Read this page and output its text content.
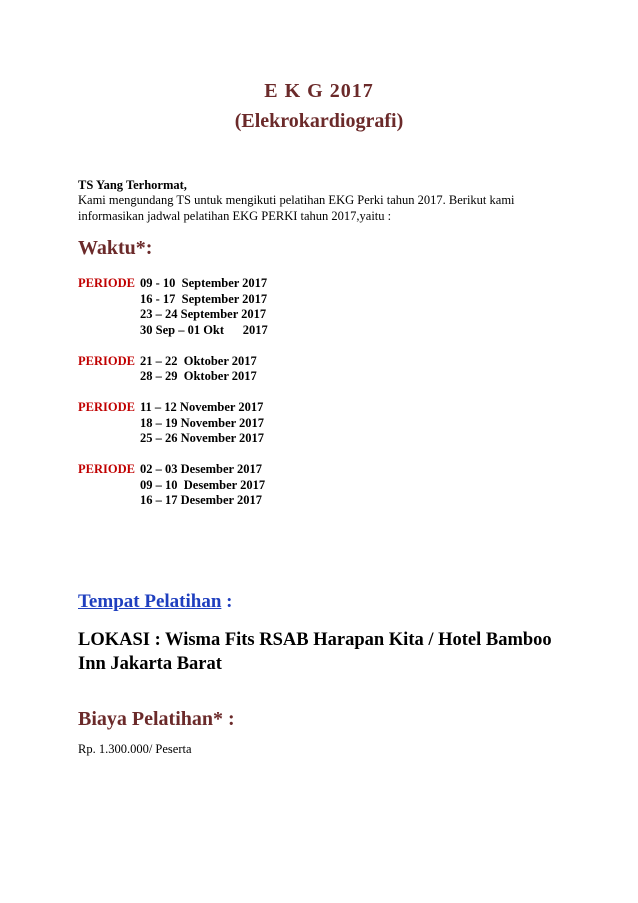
E K G 2017
(Elekrokardiografi)
TS Yang Terhormat,
Kami mengundang TS untuk mengikuti pelatihan EKG Perki tahun 2017. Berikut kami informasikan jadwal pelatihan EKG PERKI tahun 2017,yaitu :
Waktu*:
PERIODE 09 - 10  September 2017
16 - 17  September 2017
23 – 24 September 2017
30 Sep – 01 Okt      2017
PERIODE 21 – 22  Oktober 2017
28 – 29  Oktober 2017
PERIODE 11 – 12 November 2017
18 – 19 November 2017
25 – 26 November 2017
PERIODE 02 – 03 Desember 2017
09 – 10  Desember 2017
16 – 17 Desember 2017
Tempat Pelatihan :
LOKASI : Wisma Fits RSAB Harapan Kita / Hotel Bamboo Inn Jakarta Barat
Biaya Pelatihan* :
Rp. 1.300.000/ Peserta
